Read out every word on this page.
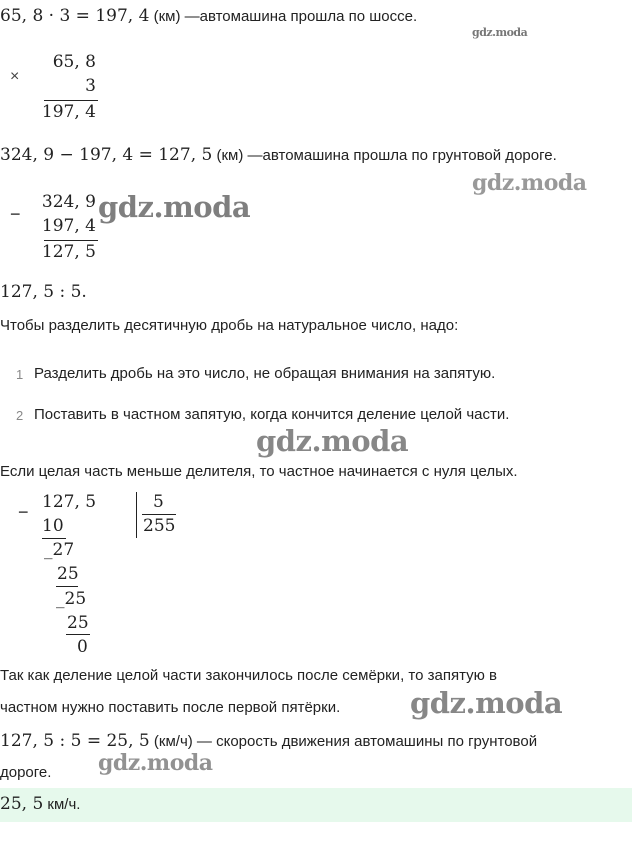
65, 8 · 3 = 197, 4 (км) —автомашина прошла по шоссе.
gdz.moda
×
65, 8
3
197, 4
324, 9 − 197, 4 = 127, 5 (км) —автомашина прошла по грунтовой дороге.
gdz.moda
−
324, 9
197, 4
127, 5
gdz.moda
127, 5 : 5.
Чтобы разделить десятичную дробь на натуральное число, надо:
1 Разделить дробь на это число, не обращая внимания на запятую.
2 Поставить в частном запятую, когда кончится деление целой части.
gdz.moda
Если целая часть меньше делителя, то частное начинается с нуля целых.
− 127, 5	5
255
10
_27
25
_25
25
0
Так как деление целой части закончилось после семёрки, то запятую в
частном нужно поставить после первой пятёрки. gdz.moda
127, 5 : 5 = 25, 5 (км/ч) — скорость движения автомашины по грунтовой
дороге. gdz.moda
25, 5 км/ч.
